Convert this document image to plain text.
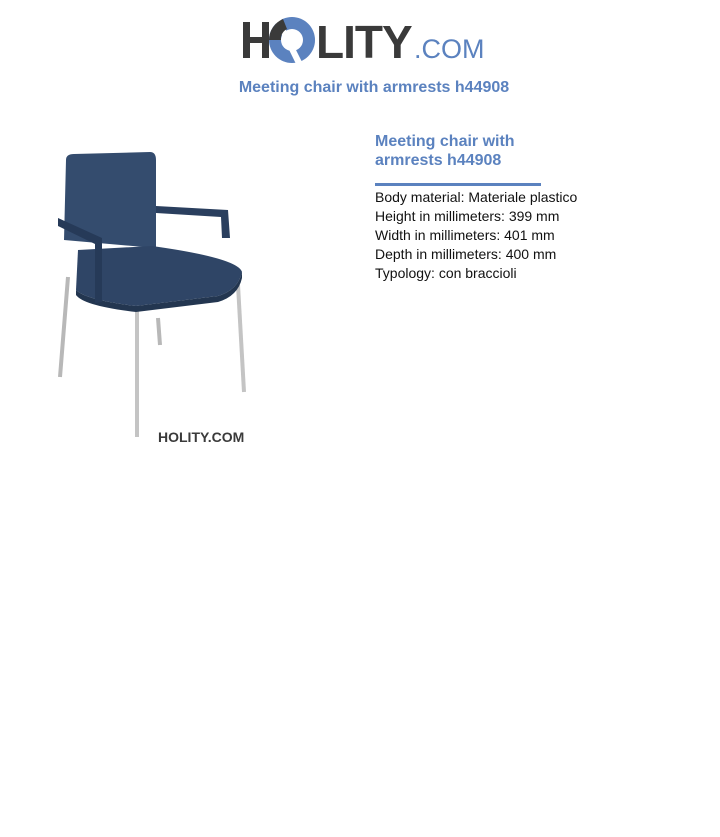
LITY .COM
Meeting chair with armrests h44908
HOLITY.COM
Meeting chair with armrests h44908
Body material: Materiale plastico
Height in millimeters: 399 mm
Width in millimeters: 401 mm
Depth in millimeters: 400 mm
Typology: con braccioli
